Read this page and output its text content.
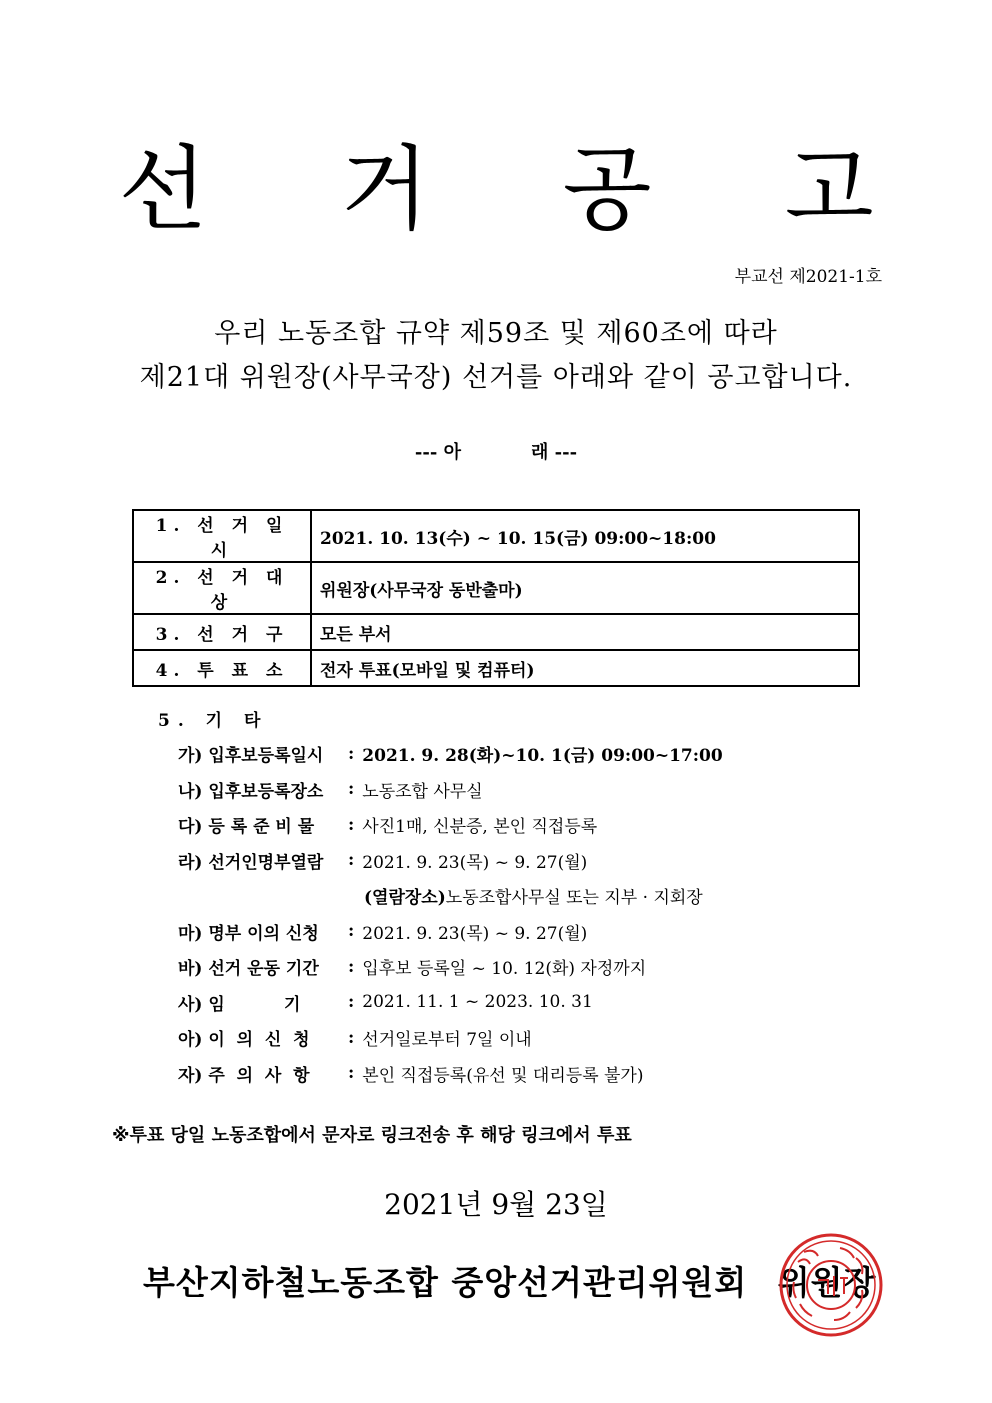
선 거 공 고
부교선 제2021-1호
우리 노동조합 규약 제59조 및 제60조에 따라
제21대 위원장(사무국장) 선거를 아래와 같이 공고합니다.
--- 아	래 ---
1. 선 거 일 시	2021. 10. 13(수) ~ 10. 15(금) 09:00~18:00
2. 선 거 대 상	위원장(사무국장 동반출마)
3. 선 거 구	모든 부서
4. 투 표 소	전자 투표(모바일 및 컴퓨터)
5. 기 타
가) 입후보등록일시	: 2021. 9. 28(화)~10. 1(금) 09:00~17:00
나) 입후보등록장소	: 노동조합 사무실
다) 등 록 준 비 물	: 사진1매, 신분증, 본인 직접등록
라) 선거인명부열람	: 2021. 9. 23(목) ~ 9. 27(월)
(열람장소) 노동조합사무실 또는 지부 · 지회장
마) 명부 이의 신청	: 2021. 9. 23(목) ~ 9. 27(월)
바) 선거 운동 기간	: 입후보 등록일 ~ 10. 12(화) 자정까지
사) 임          기	: 2021. 11. 1 ~ 2023. 10. 31
아) 이  의  신  청	: 선거일로부터 7일 이내
자) 주  의  사  항	: 본인 직접등록(유선 및 대리등록 불가)
※투표 당일 노동조합에서 문자로 링크전송 후 해당 링크에서 투표
2021년 9월 23일
부산지하철노동조합 중앙선거관리위원회 위원장
